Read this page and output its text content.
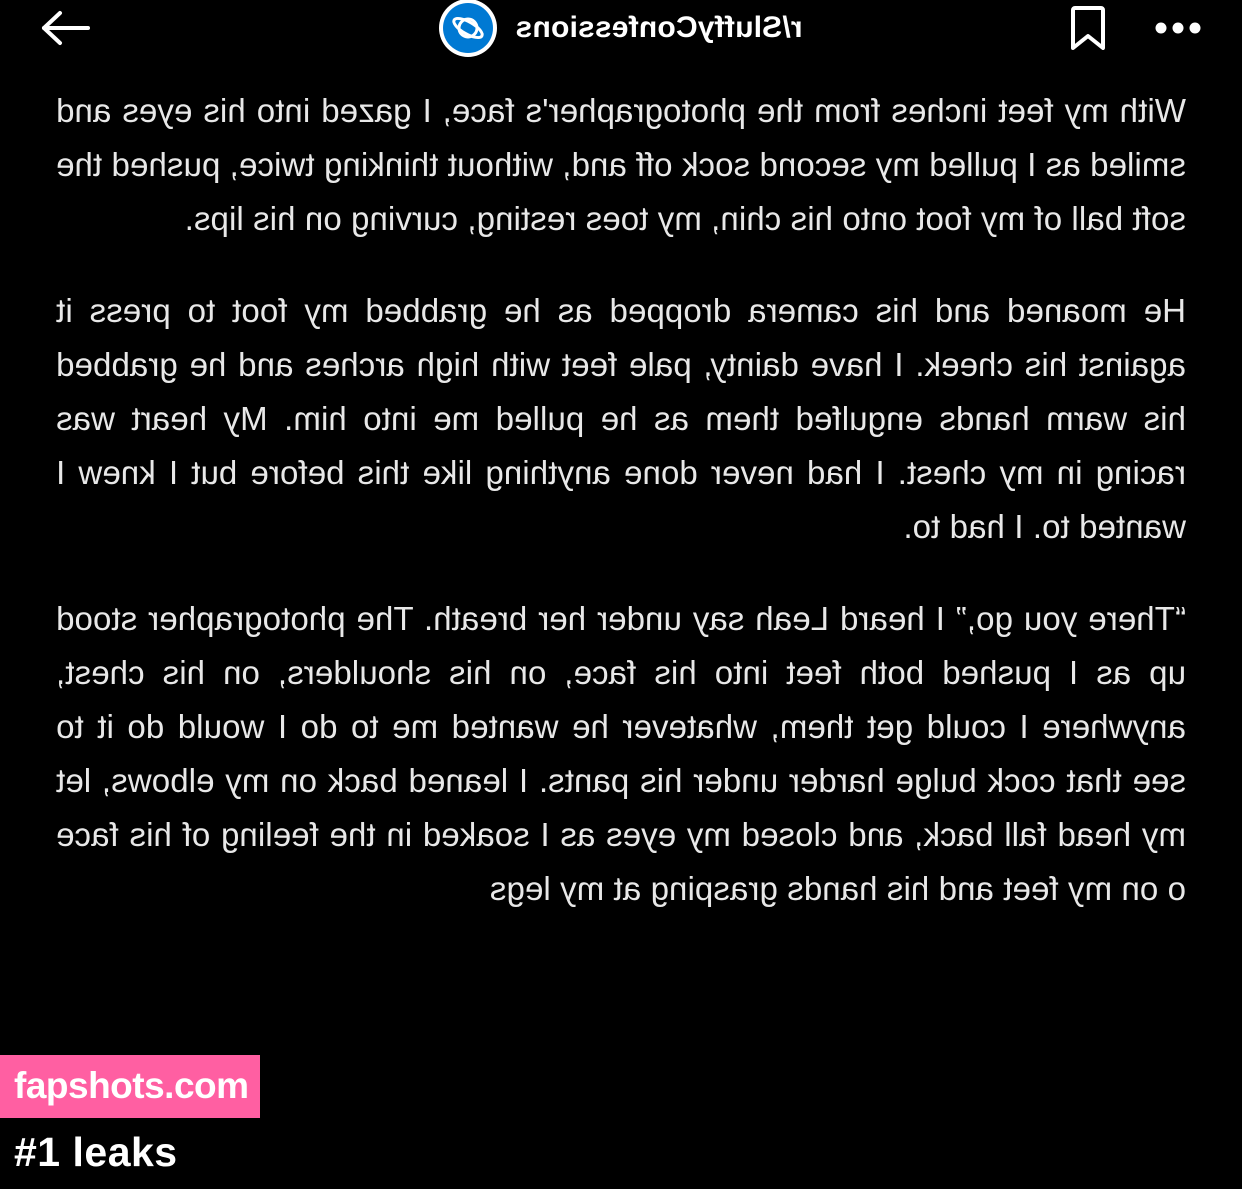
r/SluffyConfessions

With my feet inches from the photographer's face, I gazed into his eyes and smiled as I pulled my second sock off and, without thinking twice, pushed the soft ball of my foot onto his chin, my toes resting, curving on his lips.

He moaned and his camera dropped as he grabbed my foot to press it against his cheek. I have dainty, pale feet with high arches and he grabbed his warm hands engulfed them as he pulled me into him. My heart was racing in my chest. I had never done anything like this before but I knew I wanted to. I had to.

“There you go,” I heard Leah say under her breath. The photographer stood up as I pushed both feet into his face, on his shoulders, on his chest, anywhere I could get them, whatever he wanted me to do I would do it to see that cock bulge harder under his pants. I leaned back on my elbows, let my head fall back, and closed my eyes as I soaked in the feeling of his face o on my feet and his hands grasping at my legs

fapshots.com
#1 leaks
